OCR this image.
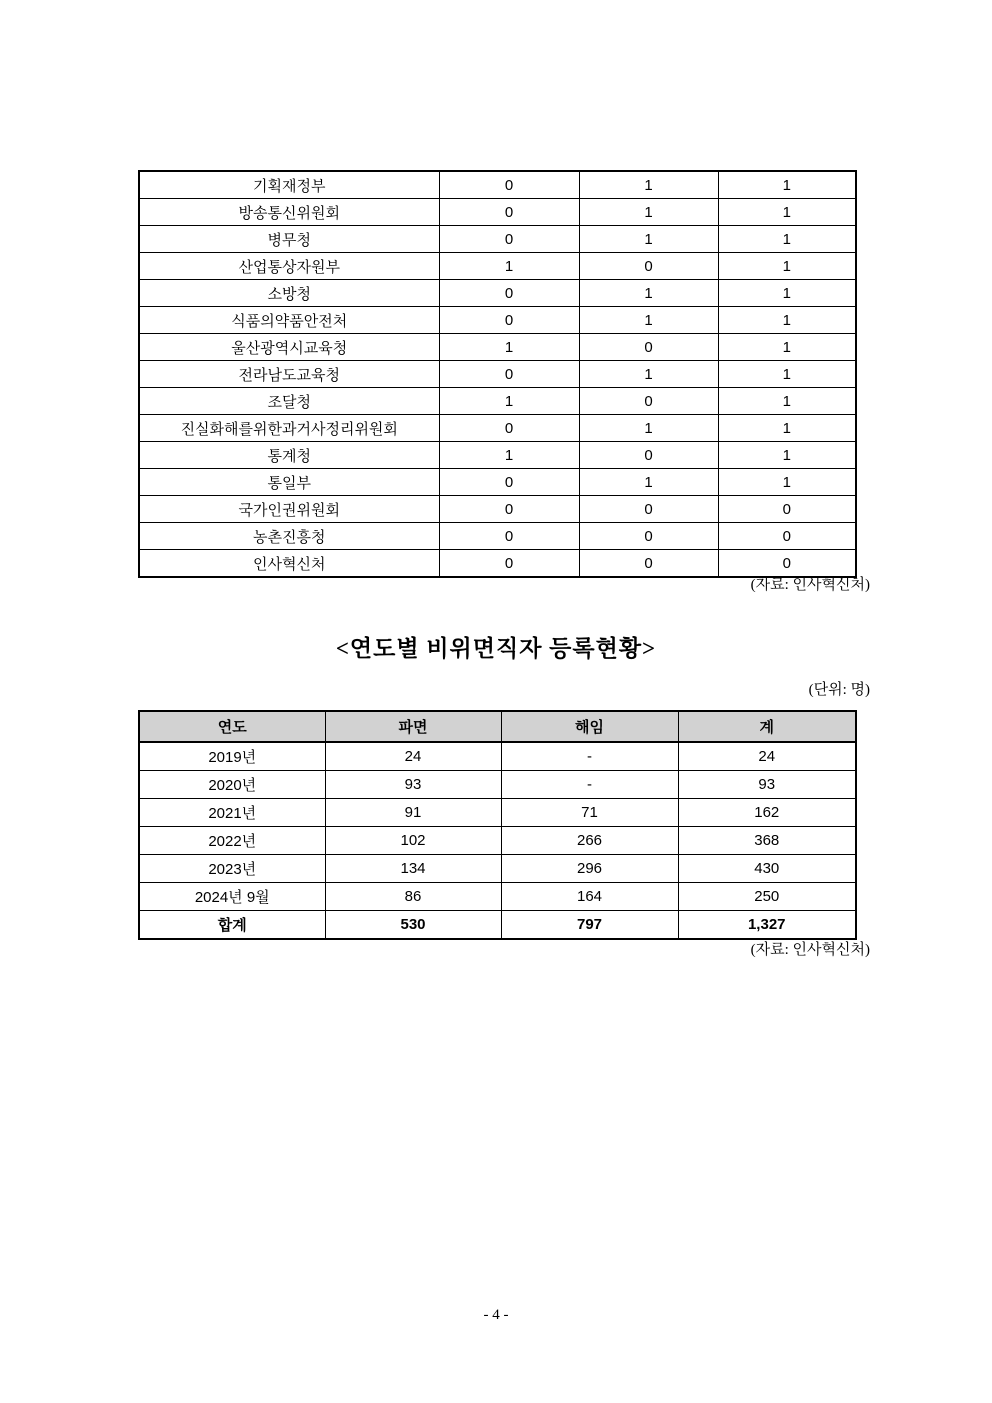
기획재정부	0	1	1
방송통신위원회	0	1	1
병무청	0	1	1
산업통상자원부	1	0	1
소방청	0	1	1
식품의약품안전처	0	1	1
울산광역시교육청	1	0	1
전라남도교육청	0	1	1
조달청	1	0	1
진실화해를위한과거사정리위원회	0	1	1
통계청	1	0	1
통일부	0	1	1
국가인권위원회	0	0	0
농촌진흥청	0	0	0
인사혁신처	0	0	0
(자료: 인사혁신처)
<연도별 비위면직자 등록현황>
(단위: 명)
연도	파면	해임	계
2019년	24	-	24
2020년	93	-	93
2021년	91	71	162
2022년	102	266	368
2023년	134	296	430
2024년 9월	86	164	250
합계	530	797	1,327
(자료: 인사혁신처)
- 4 -
